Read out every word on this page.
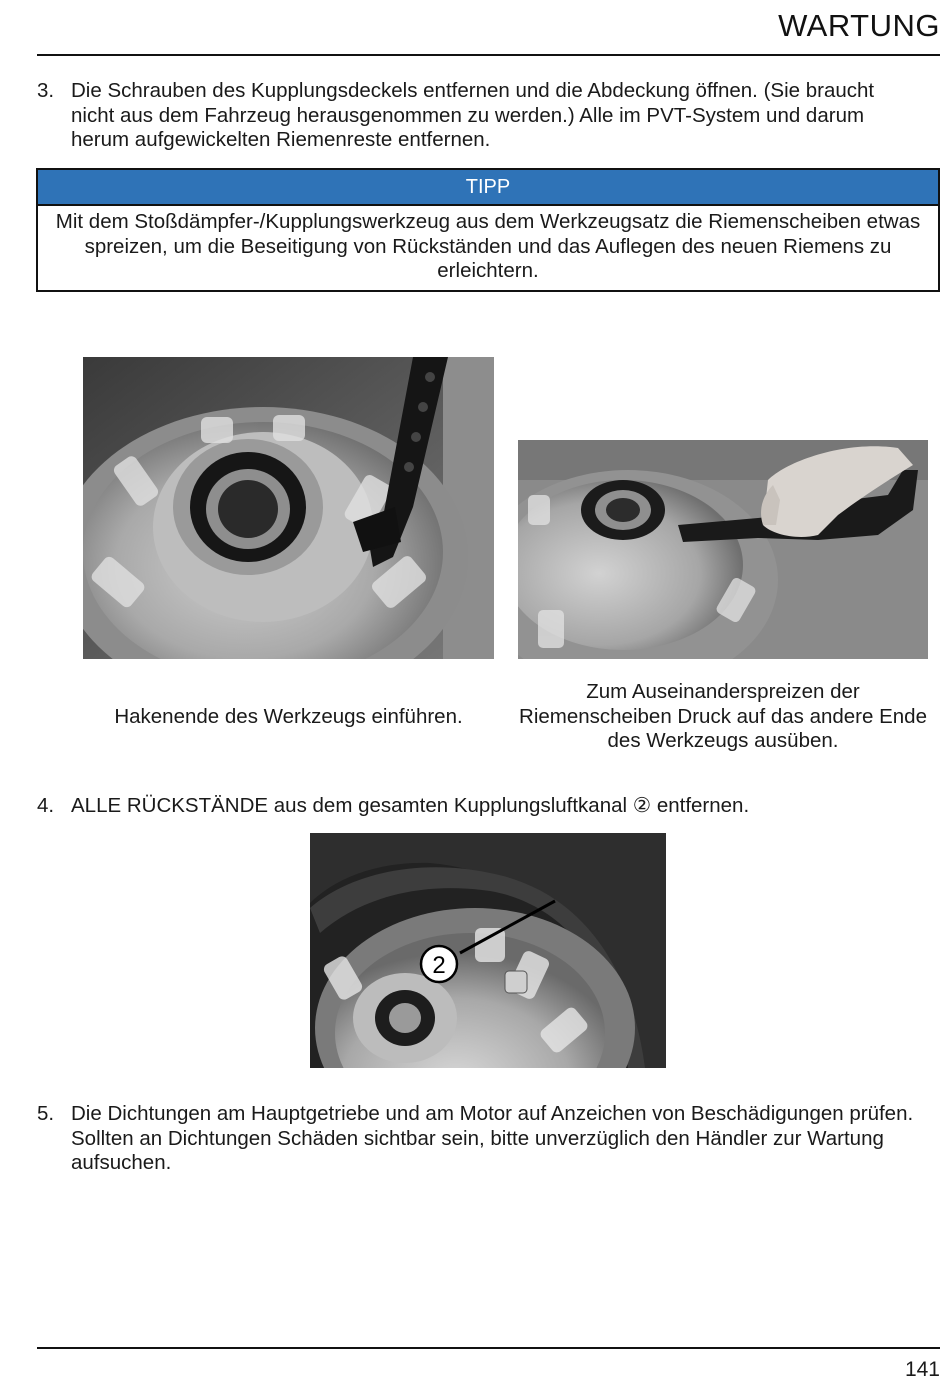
WARTUNG
3. Die Schrauben des Kupplungsdeckels entfernen und die Abdeckung öffnen. (Sie braucht nicht aus dem Fahrzeug herausgenommen zu werden.) Alle im PVT-System und darum herum aufgewickelten Riemenreste entfernen.
TIPP
Mit dem Stoßdämpfer-/Kupplungswerkzeug aus dem Werkzeugsatz die Riemenscheiben etwas spreizen, um die Beseitigung von Rückständen und das Auflegen des neuen Riemens zu erleichtern.
Hakenende des Werkzeugs einführen.
Zum Auseinanderspreizen der Riemenscheiben Druck auf das andere Ende des Werkzeugs ausüben.
4. ALLE RÜCKSTÄNDE aus dem gesamten Kupplungsluftkanal ② entfernen.
2
5. Die Dichtungen am Hauptgetriebe und am Motor auf Anzeichen von Beschädigungen prüfen. Sollten an Dichtungen Schäden sichtbar sein, bitte unverzüglich den Händler zur Wartung aufsuchen.
141
